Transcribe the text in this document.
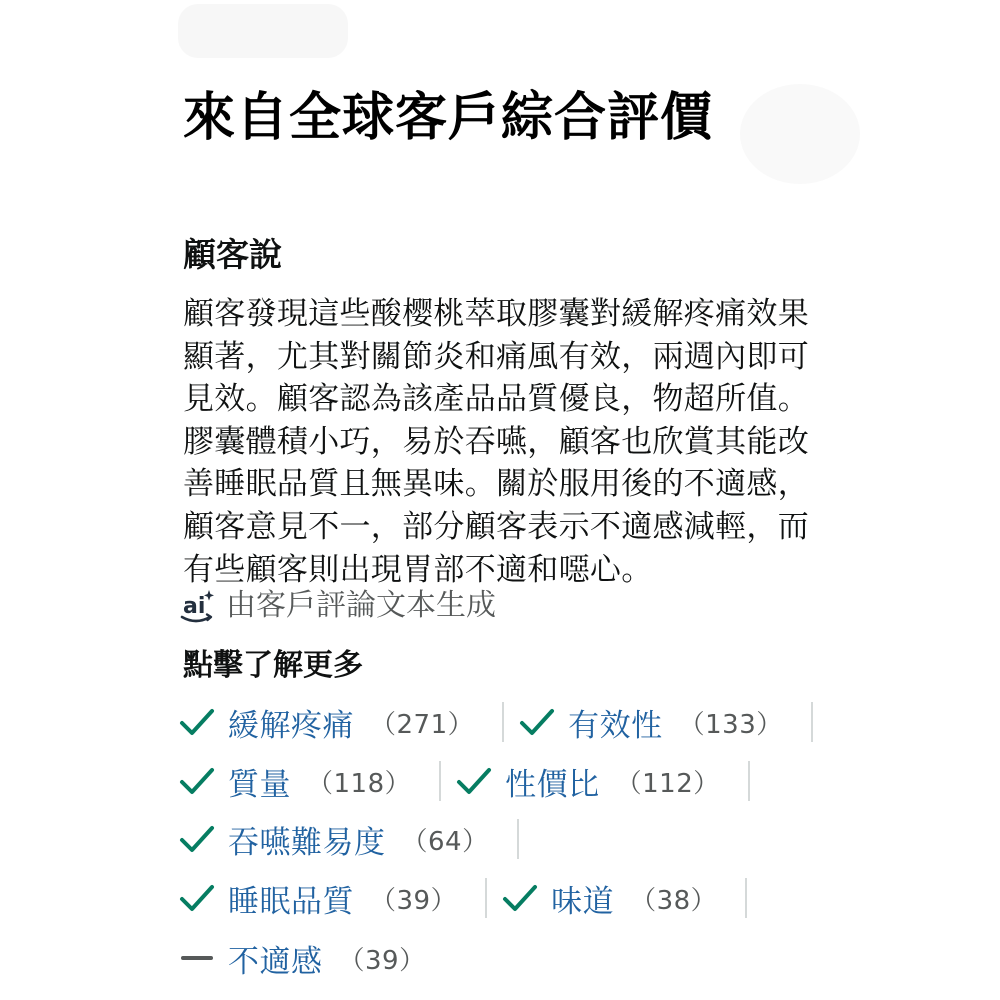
來自全球客戶綜合評價
顧客說
顧客發現這些酸樱桃萃取膠囊對緩解疼痛效果
顯著，尤其對關節炎和痛風有效，兩週內即可
見效。顧客認為該產品品質優良，物超所值。
膠囊體積小巧，易於吞嚥，顧客也欣賞其能改
善睡眠品質且無異味。關於服用後的不適感，
顧客意見不一，部分顧客表示不適感減輕，而
有些顧客則出現胃部不適和噁心。
ai 由客戶評論文本生成
點擊了解更多
緩解疼痛 （271）	有效性 （133）
質量 （118）	性價比 （112）
吞嚥難易度 （64）
睡眠品質 （39）	味道 （38）
不適感 （39）
